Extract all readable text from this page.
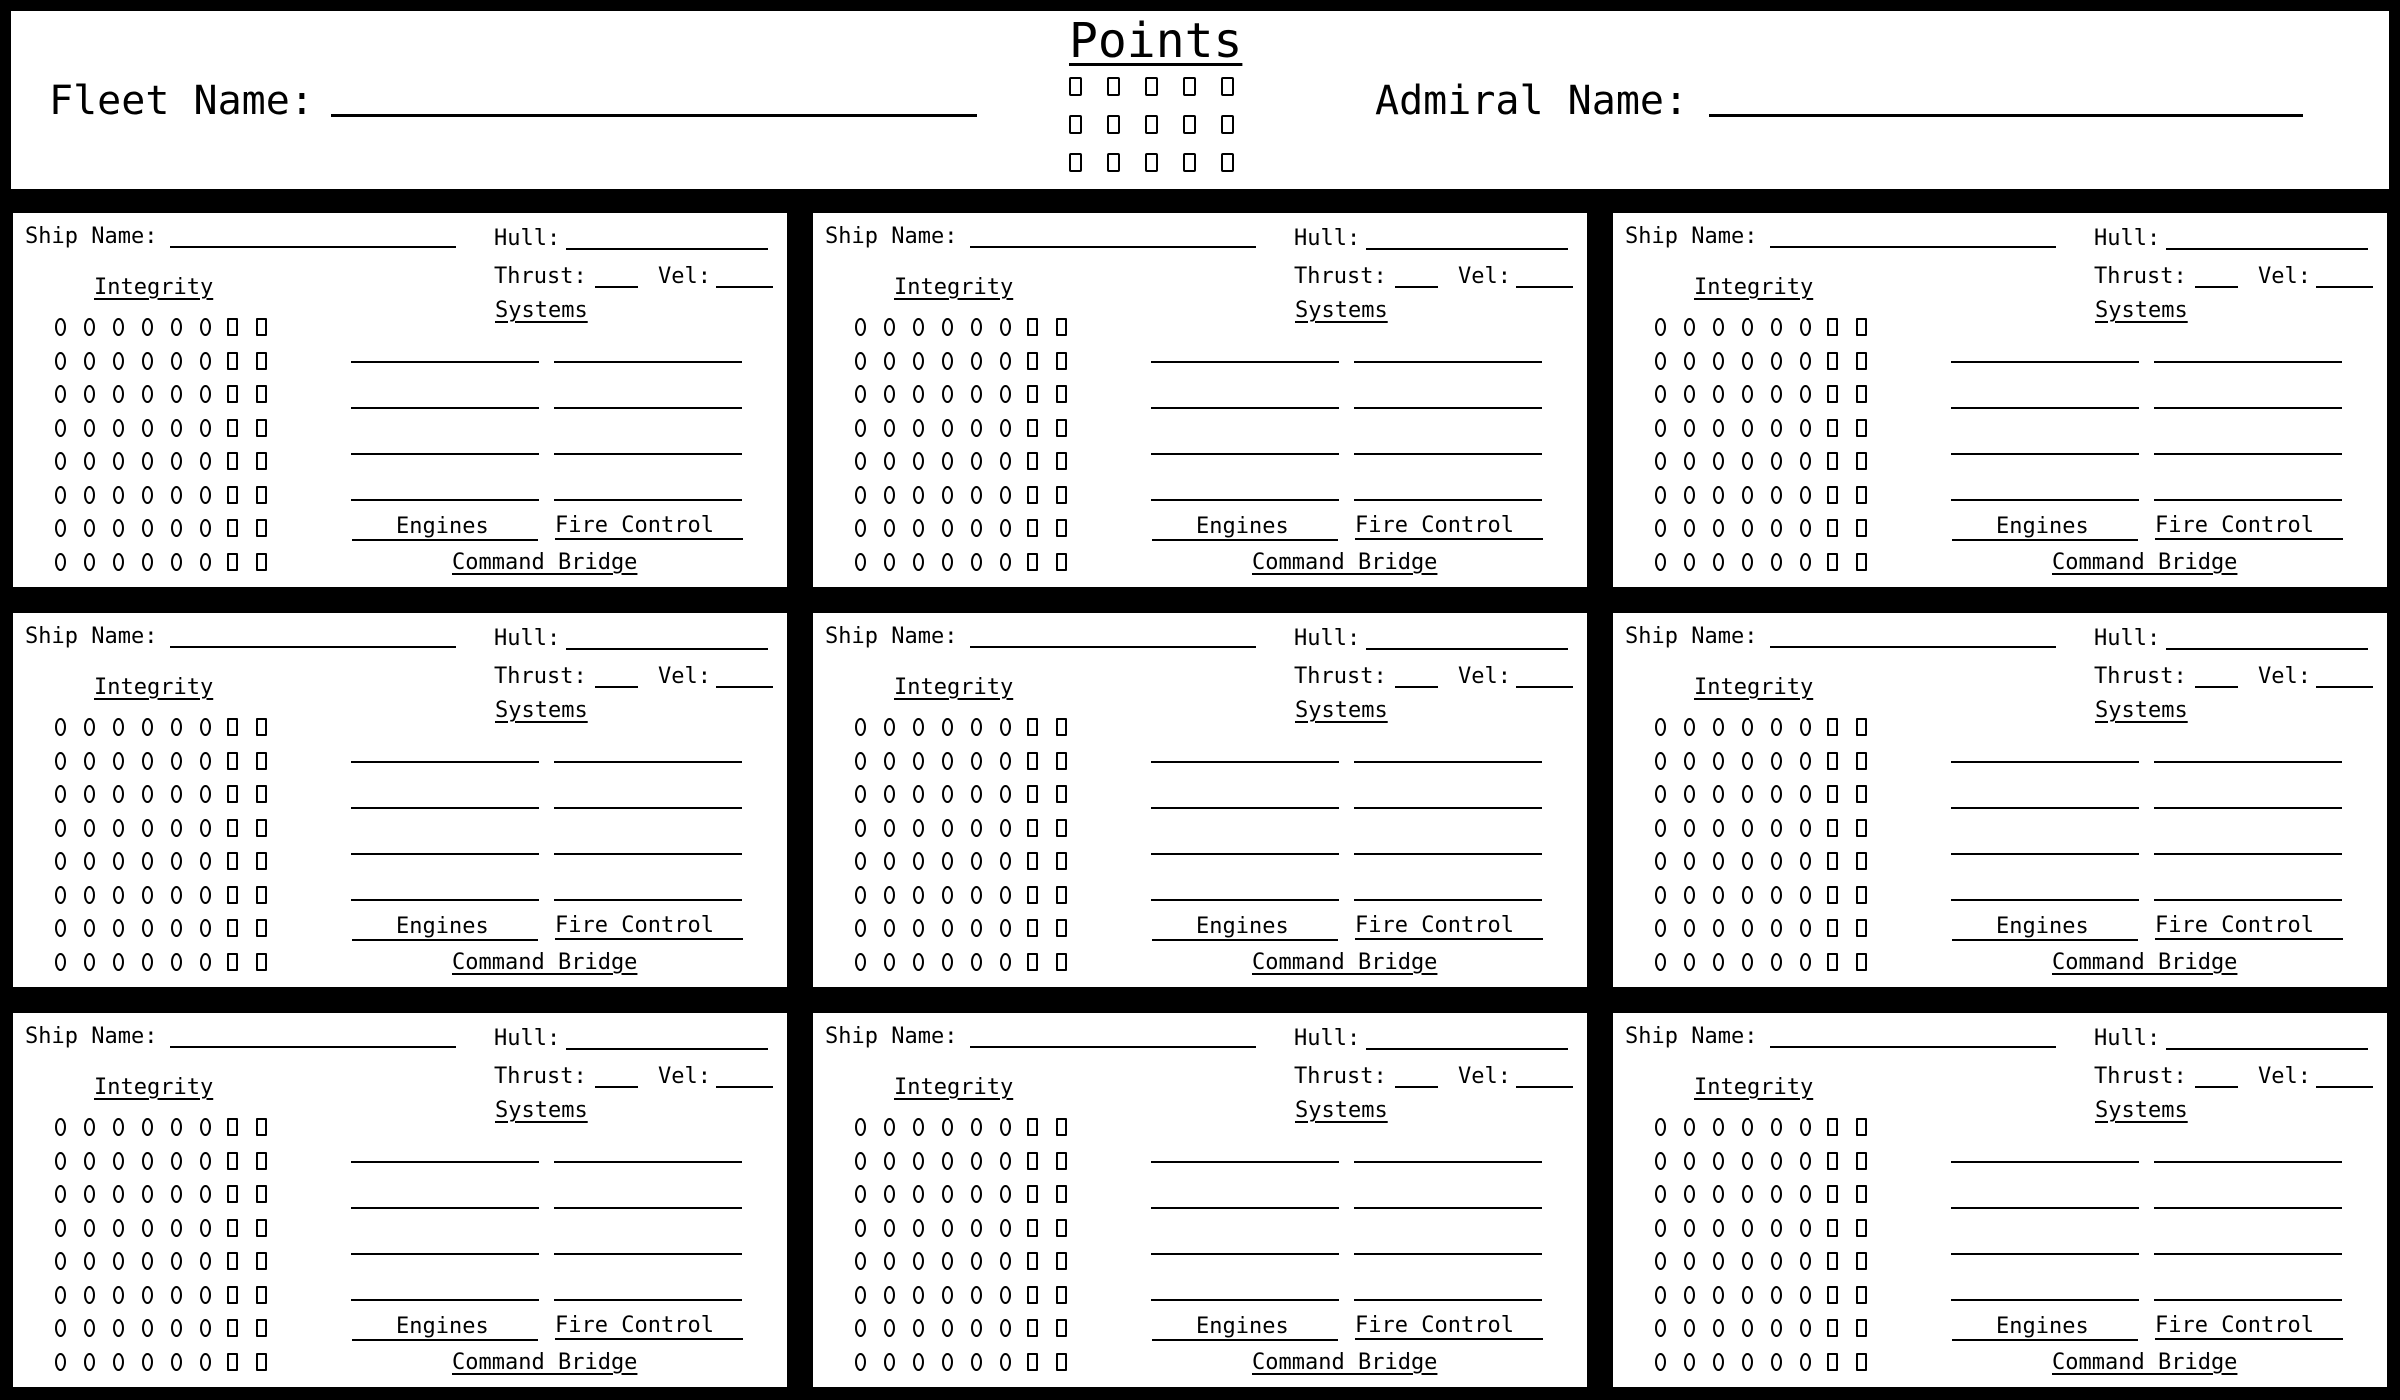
Fleet Name:
Points
Admiral Name:
Ship Name:	Hull:
Thrust:	Vel:
Integrity
Systems
Engines	Fire Control
Command Bridge
Ship Name:	Hull:
Thrust:	Vel:
Integrity
Systems
Engines	Fire Control
Command Bridge
Ship Name:	Hull:
Thrust:	Vel:
Integrity
Systems
Engines	Fire Control
Command Bridge
Ship Name:	Hull:
Thrust:	Vel:
Integrity
Systems
Engines	Fire Control
Command Bridge
Ship Name:	Hull:
Thrust:	Vel:
Integrity
Systems
Engines	Fire Control
Command Bridge
Ship Name:	Hull:
Thrust:	Vel:
Integrity
Systems
Engines	Fire Control
Command Bridge
Ship Name:	Hull:
Thrust:	Vel:
Integrity
Systems
Engines	Fire Control
Command Bridge
Ship Name:	Hull:
Thrust:	Vel:
Integrity
Systems
Engines	Fire Control
Command Bridge
Ship Name:	Hull:
Thrust:	Vel:
Integrity
Systems
Engines	Fire Control
Command Bridge
